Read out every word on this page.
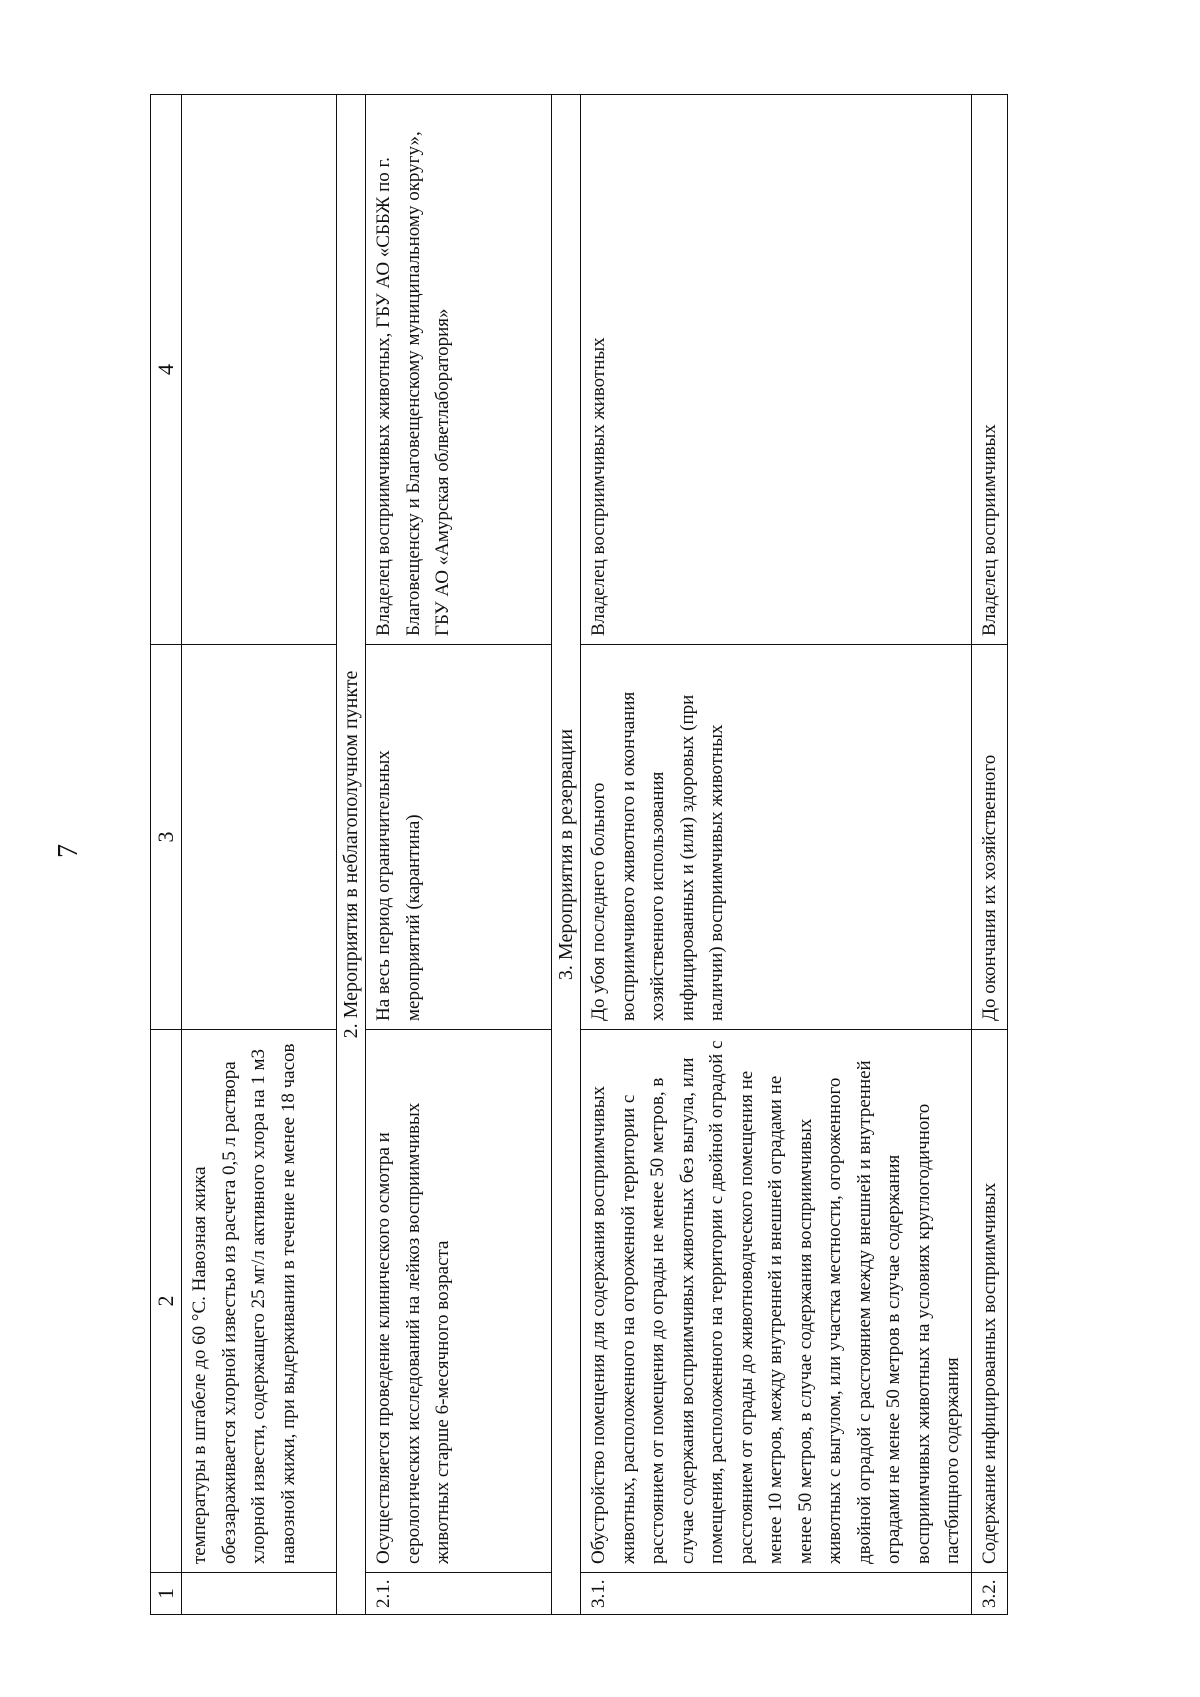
7
1	2	3	4
	температуры в штабеле до 60 °С. Навозная жижа обеззараживается хлорной известью из расчета 0,5 л раствора хлорной извести, содержащего 25 мг/л активного хлора на 1 м3 навозной жижи, при выдерживании в течение не менее 18 часов		
2. Мероприятия в неблагополучном пункте			
2.1.	Осуществляется проведение клинического осмотра и серологических исследований на лейкоз восприимчивых животных старше 6-месячного возраста	На весь период ограничительных мероприятий (карантина)	Владелец восприимчивых животных, ГБУ АО «СББЖ по г. Благовещенску и Благовещенскому муниципальному округу», ГБУ АО «Амурская облветлаборатория»
3. Мероприятия в резервации			
3.1.	Обустройство помещения для содержания восприимчивых животных, расположенного на огороженной территории с расстоянием от помещения до ограды не менее 50 метров, в случае содержания восприимчивых животных без выгула, или помещения, расположенного на территории с двойной оградой с расстоянием от ограды до животноводческого помещения не менее 10 метров, между внутренней и внешней оградами не менее 50 метров, в случае содержания восприимчивых животных с выгулом, или участка местности, огороженного двойной оградой с расстоянием между внешней и внутренней оградами не менее 50 метров в случае содержания восприимчивых животных на условиях круглогодичного пастбищного содержания	До убоя последнего больного восприимчивого животного и окончания хозяйственного использования инфицированных и (или) здоровых (при наличии) восприимчивых животных	Владелец восприимчивых животных
3.2.	Содержание инфицированных восприимчивых	До окончания их хозяйственного	Владелец восприимчивых
